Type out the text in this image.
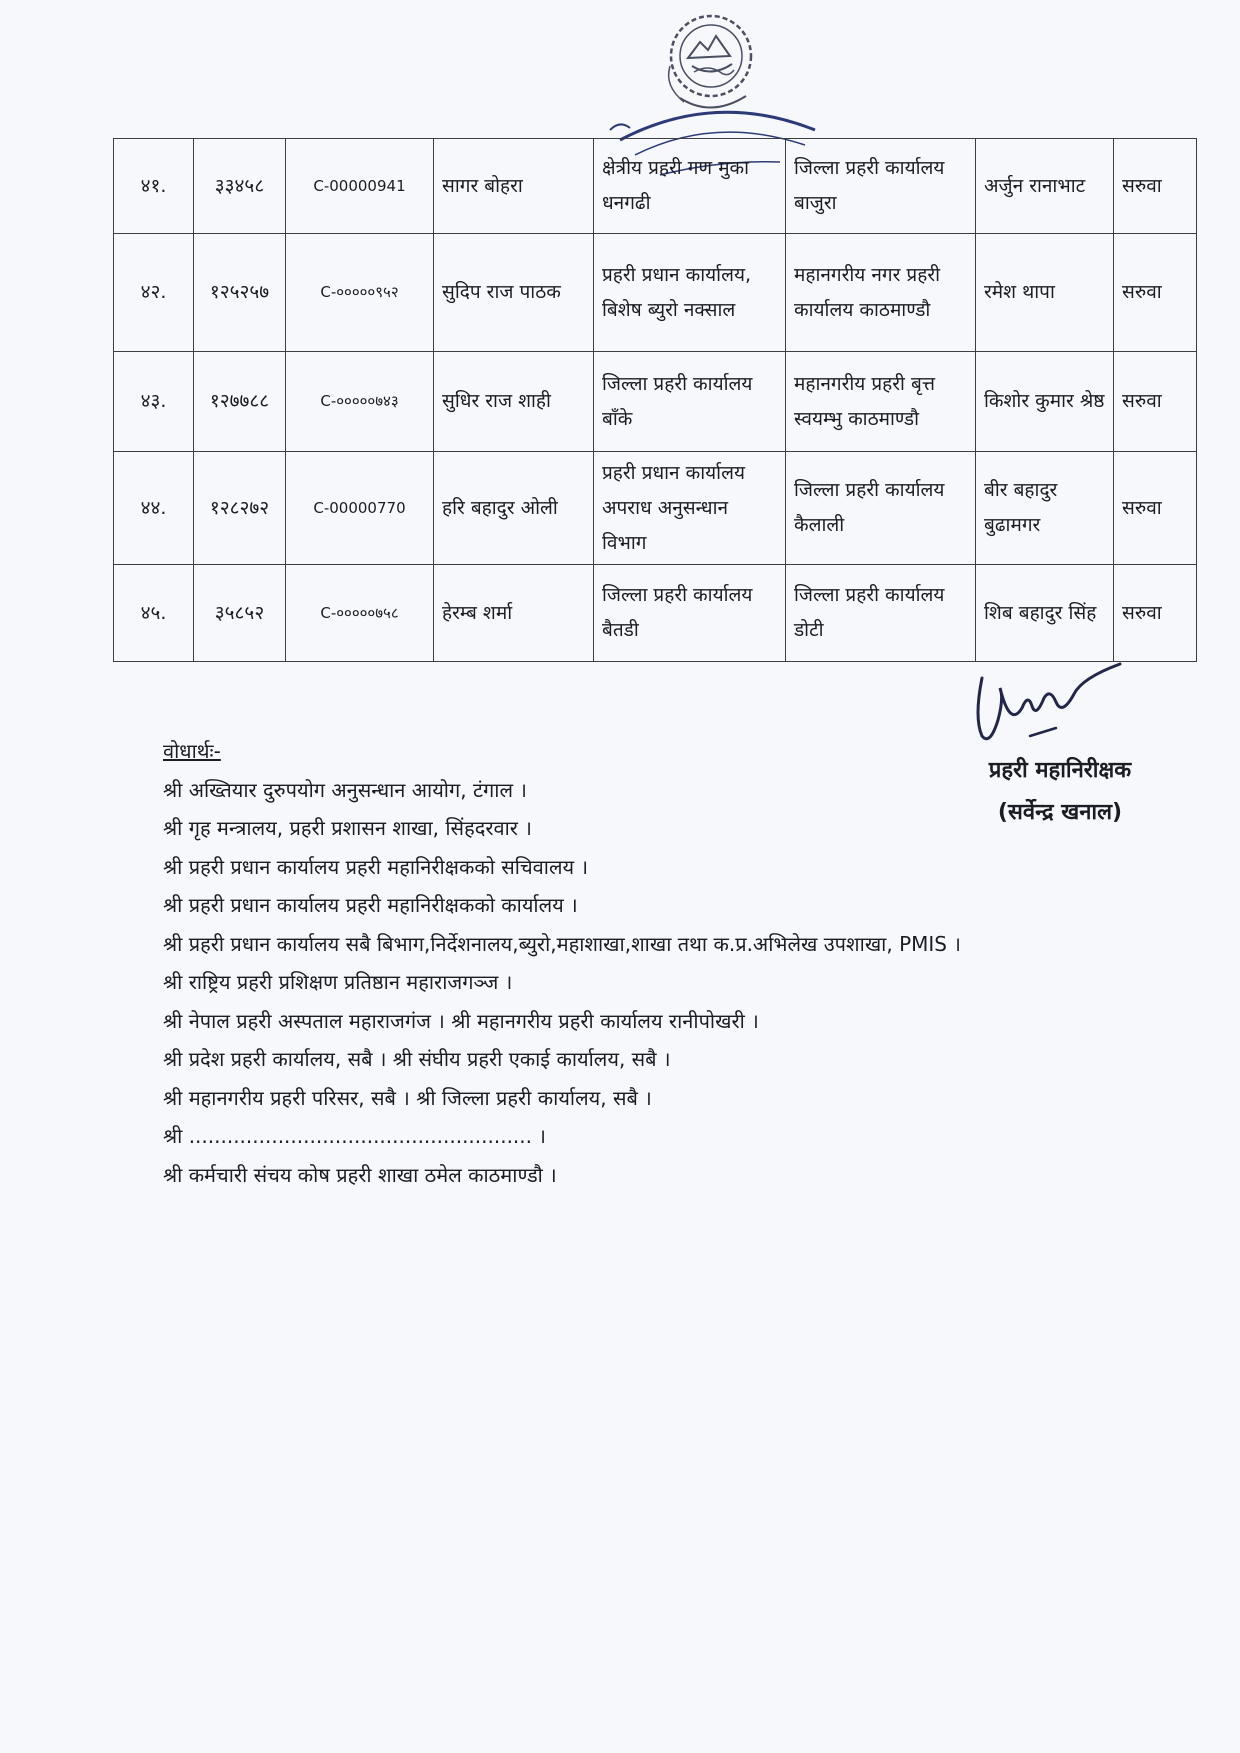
४१.	३३४५८	C-00000941	सागर बोहरा	क्षेत्रीय प्रहरी गण मुका धनगढी	जिल्ला प्रहरी कार्यालय बाजुरा	अर्जुन रानाभाट	सरुवा
४२.	१२५२५७	C-०००००९५२	सुदिप राज पाठक	प्रहरी प्रधान कार्यालय, बिशेष ब्युरो नक्साल	महानगरीय नगर प्रहरी कार्यालय काठमाण्डौ	रमेश थापा	सरुवा
४३.	१२७७८८	C-०००००७४३	सुधिर राज शाही	जिल्ला प्रहरी कार्यालय बाँके	महानगरीय प्रहरी बृत्त स्वयम्भु काठमाण्डौ	किशोर कुमार श्रेष्ठ	सरुवा
४४.	१२८२७२	C-00000770	हरि बहादुर ओली	प्रहरी प्रधान कार्यालय अपराध अनुसन्धान विभाग	जिल्ला प्रहरी कार्यालय कैलाली	बीर बहादुर बुढामगर	सरुवा
४५.	३५८५२	C-०००००७५८	हेरम्ब शर्मा	जिल्ला प्रहरी कार्यालय बैतडी	जिल्ला प्रहरी कार्यालय डोटी	शिब बहादुर सिंह	सरुवा
प्रहरी महानिरीक्षक
(सर्वेन्द्र खनाल)
वोधार्थः-
श्री अख्तियार दुरुपयोग अनुसन्धान आयोग, टंगाल ।
श्री गृह मन्त्रालय, प्रहरी प्रशासन शाखा, सिंहदरवार ।
श्री प्रहरी प्रधान कार्यालय प्रहरी महानिरीक्षकको सचिवालय ।
श्री प्रहरी प्रधान कार्यालय प्रहरी महानिरीक्षकको कार्यालय ।
श्री प्रहरी प्रधान कार्यालय सबै बिभाग,निर्देशनालय,ब्युरो,महाशाखा,शाखा तथा क.प्र.अभिलेख उपशाखा, PMIS ।
श्री राष्ट्रिय प्रहरी प्रशिक्षण प्रतिष्ठान महाराजगञ्ज ।
श्री नेपाल प्रहरी अस्पताल महाराजगंज । श्री महानगरीय प्रहरी कार्यालय रानीपोखरी ।
श्री प्रदेश प्रहरी कार्यालय, सबै । श्री संघीय प्रहरी एकाई कार्यालय, सबै ।
श्री महानगरीय प्रहरी परिसर, सबै । श्री जिल्ला प्रहरी कार्यालय, सबै ।
श्री ...................................................... ।
श्री कर्मचारी संचय कोष प्रहरी शाखा ठमेल काठमाण्डौ ।
